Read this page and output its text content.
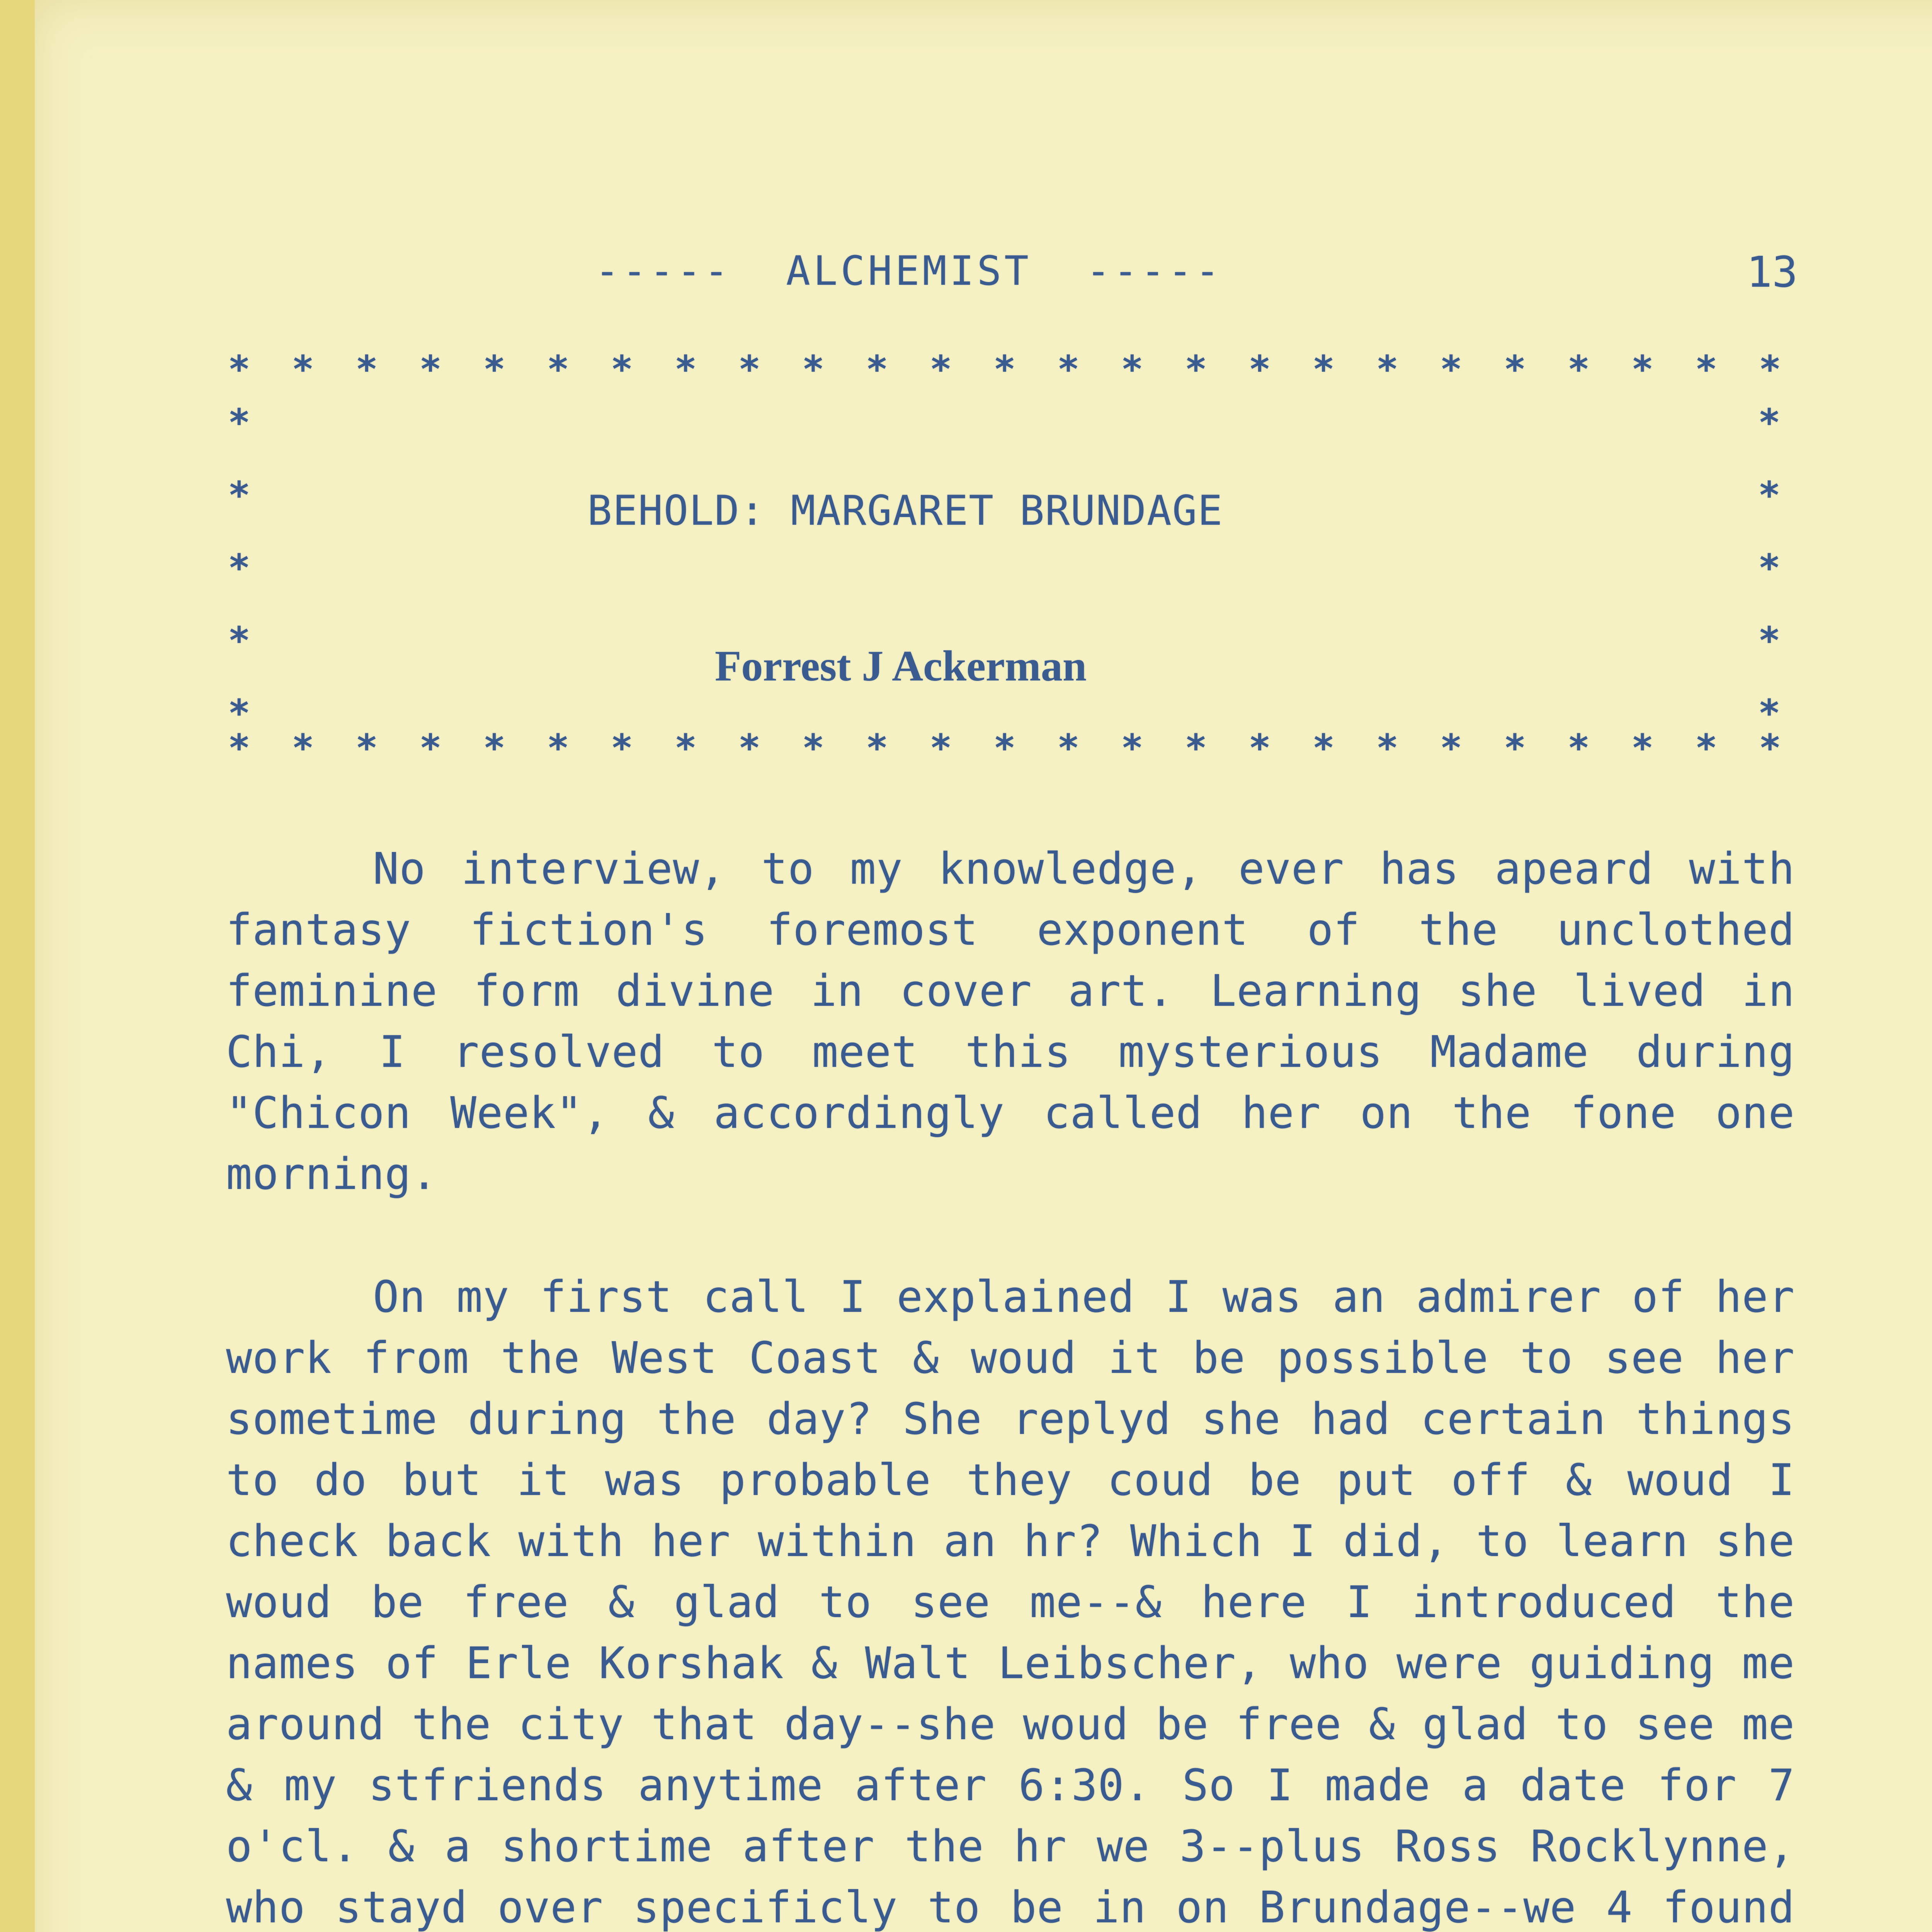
-----  ALCHEMIST  -----	13
* * * * * * * * * * * * * * * * * * * * * * * * *
* * * * * * * * * * * * * * * * * * * * * * * * *
*
*
*
*
*
*
*
*
*
*
BEHOLD: MARGARET BRUNDAGE
Forrest J Ackerman

No interview, to my knowledge, ever has apeard with fantasy fiction's foremost exponent of the unclothed feminine form divine in cover art. Learning she lived in Chi, I resolved to meet this mysterious Madame during "Chicon Week", & accordingly called her on the fone one morning.

On my first call I explained I was an admirer of her work from the West Coast & woud it be possible to see her sometime during the day? She replyd she had certain things to do but it was probable they coud be put off & woud I check back with her within an hr? Which I did, to learn she woud be free & glad to see me--& here I introduced the names of Erle Korshak & Walt Leibscher, who were guiding me around the city that day--she woud be free & glad to see me & my stfriends anytime after 6:30. So I made a date for 7 o'cl. & a shortime after the hr we 3--plus Ross Rocklynne, who stayd over specificly to be in on Brundage--we 4 found
